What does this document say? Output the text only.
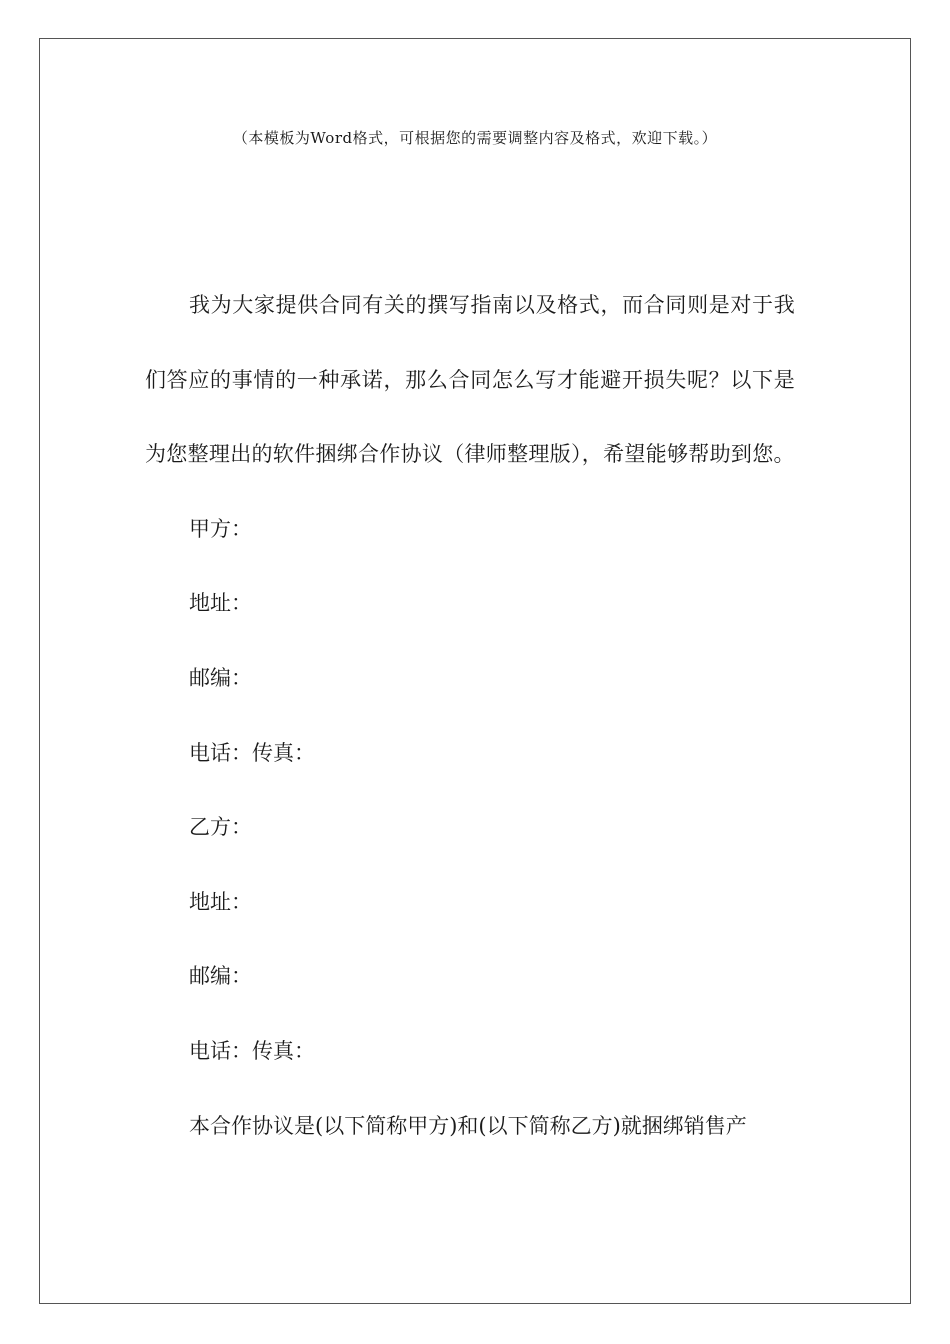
（本模板为Word格式，可根据您的需要调整内容及格式，欢迎下载。）

我为大家提供合同有关的撰写指南以及格式，而合同则是对于我们答应的事情的一种承诺，那么合同怎么写才能避开损失呢？以下是为您整理出的软件捆绑合作协议（律师整理版），希望能够帮助到您。

甲方：

地址：

邮编：

电话：传真：

乙方：

地址：

邮编：

电话：传真：

本合作协议是(以下简称甲方)和(以下简称乙方)就捆绑销售产
